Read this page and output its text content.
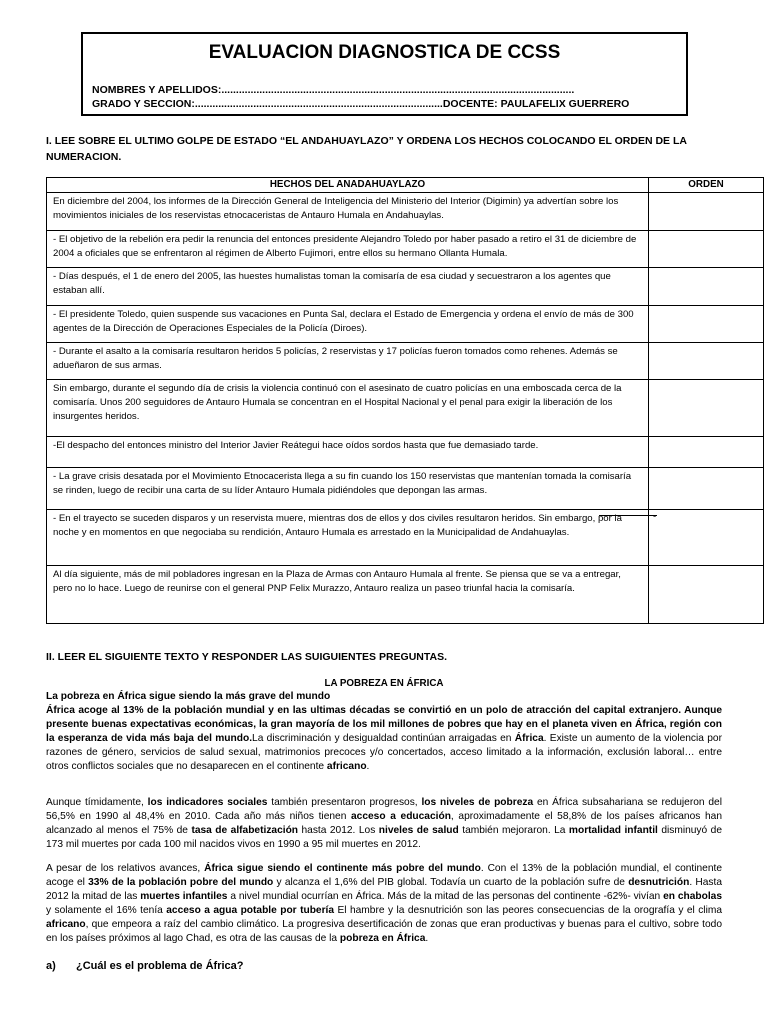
EVALUACION DIAGNOSTICA DE CCSS
NOMBRES Y APELLIDOS:.........................................................................................................................
GRADO Y SECCION:.....................................................................................DOCENTE: PAULAFELIX GUERRERO
I. LEE SOBRE EL ULTIMO GOLPE DE ESTADO “EL ANDAHUAYLAZO” Y ORDENA LOS HECHOS COLOCANDO EL ORDEN DE LA NUMERACION.
HECHOS DEL ANADAHUAYLAZO	ORDEN
En diciembre del 2004, los informes de la Dirección General de Inteligencia del Ministerio del Interior (Digimin) ya advertían sobre los movimientos iniciales de los reservistas etnocaceristas de Antauro Humala en Andahuaylas.	
- El objetivo de la rebelión era pedir la renuncia del entonces presidente Alejandro Toledo por haber pasado a retiro el 31 de diciembre de 2004 a oficiales que se enfrentaron al régimen de Alberto Fujimori, entre ellos su hermano Ollanta Humala.	
- Días después, el 1 de enero del 2005, las huestes humalistas toman la comisaría de esa ciudad y secuestraron a los agentes que estaban allí.	
- El presidente Toledo, quien suspende sus vacaciones en Punta Sal, declara el Estado de Emergencia y ordena el envío de más de 300 agentes de la Dirección de Operaciones Especiales de la Policía (Diroes).	
- Durante el asalto a la comisaría resultaron heridos 5 policías, 2 reservistas y 17 policías fueron tomados como rehenes. Además se adueñaron de sus armas.	
Sin embargo, durante el segundo día de crisis la violencia continuó con el asesinato de cuatro policías en una emboscada cerca de la comisaría. Unos 200 seguidores de Antauro Humala se concentran en el Hospital Nacional y el penal para exigir la liberación de los insurgentes heridos.	
-El despacho del entonces ministro del Interior Javier Reátegui hace oídos sordos hasta que fue demasiado tarde.	
- La grave crisis desatada por el Movimiento Etnocacerista llega a su fin cuando los 150 reservistas que mantenían tomada la comisaría se rinden, luego de recibir una carta de su líder Antauro Humala pidiéndoles que depongan las armas.	
- En el trayecto se suceden disparos y un reservista muere, mientras dos de ellos y dos civiles resultaron heridos. Sin embargo, por la noche y en momentos en que negociaba su rendición, Antauro Humala es arrestado en la Municipalidad de Andahuaylas.	-
Al día siguiente, más de mil pobladores ingresan en la Plaza de Armas con Antauro Humala al frente. Se piensa que se va a entregar, pero no lo hace. Luego de reunirse con el general PNP Felix Murazzo, Antauro realiza un paseo triunfal hacia la comisaría.	
II. LEER EL SIGUIENTE TEXTO Y RESPONDER LAS SUIGUIENTES PREGUNTAS.
LA POBREZA EN ÁFRICA
La pobreza en África sigue siendo la más grave del mundo
África acoge al 13% de la población mundial y en las ultimas décadas se convirtió en un polo de atracción del capital extranjero. Aunque presente buenas expectativas económicas, la gran mayoría de los mil millones de pobres que hay en el planeta viven en África, región con la esperanza de vida más baja del mundo.La discriminación y desigualdad continúan arraigadas en África. Existe un aumento de la violencia por razones de género, servicios de salud sexual, matrimonios precoces y/o concertados, acceso limitado a la información, exclusión laboral… entre otros conflictos sociales que no desaparecen en el continente africano.
Aunque tímidamente, los indicadores sociales también presentaron progresos, los niveles de pobreza en África subsahariana se redujeron del 56,5% en 1990 al 48,4% en 2010. Cada año más niños tienen acceso a educación, aproximadamente el 58,8% de los países africanos han alcanzado al menos el 75% de tasa de alfabetización hasta 2012. Los niveles de salud también mejoraron. La mortalidad infantil disminuyó de 173 mil muertes por cada 100 mil nacidos vivos en 1990 a 95 mil muertes en 2012.
A pesar de los relativos avances, África sigue siendo el continente más pobre del mundo. Con el 13% de la población mundial, el continente acoge el 33% de la población pobre del mundo y alcanza el 1,6% del PIB global. Todavía un cuarto de la población sufre de desnutrición. Hasta 2012 la mitad de las muertes infantiles a nivel mundial ocurrían en África. Más de la mitad de las personas del continente -62%- vivían en chabolas y solamente el 16% tenía acceso a agua potable por tubería El hambre y la desnutrición son las peores consecuencias de la orografía y el clima africano, que empeora a raíz del cambio climático. La progresiva desertificación de zonas que eran productivas y buenas para el cultivo, sobre todo en los países próximos al lago Chad, es otra de las causas de la pobreza en África.
a) ¿Cuál es el problema de África?
